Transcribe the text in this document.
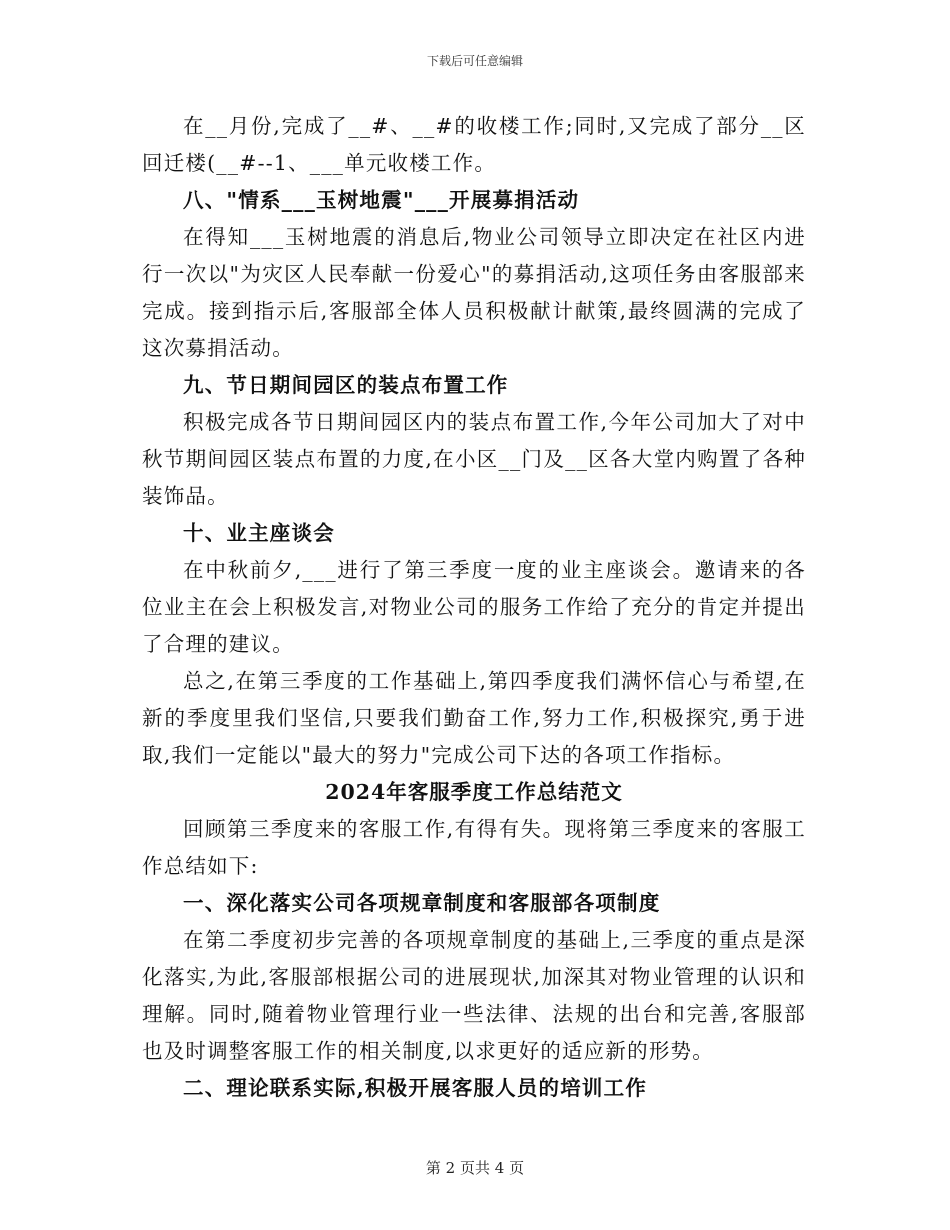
下载后可任意编辑

在__月份,完成了__#、__#的收楼工作;同时,又完成了部分__区回迁楼(__#--1、___单元收楼工作。

八、"情系___玉树地震"___开展募捐活动

在得知___玉树地震的消息后,物业公司领导立即决定在社区内进行一次以"为灾区人民奉献一份爱心"的募捐活动,这项任务由客服部来完成。接到指示后,客服部全体人员积极献计献策,最终圆满的完成了这次募捐活动。

九、节日期间园区的装点布置工作

积极完成各节日期间园区内的装点布置工作,今年公司加大了对中秋节期间园区装点布置的力度,在小区__门及__区各大堂内购置了各种装饰品。

十、业主座谈会

在中秋前夕,___进行了第三季度一度的业主座谈会。邀请来的各位业主在会上积极发言,对物业公司的服务工作给了充分的肯定并提出了合理的建议。

总之,在第三季度的工作基础上,第四季度我们满怀信心与希望,在新的季度里我们坚信,只要我们勤奋工作,努力工作,积极探究,勇于进取,我们一定能以"最大的努力"完成公司下达的各项工作指标。

2024年客服季度工作总结范文

回顾第三季度来的客服工作,有得有失。现将第三季度来的客服工作总结如下:

一、深化落实公司各项规章制度和客服部各项制度

在第二季度初步完善的各项规章制度的基础上,三季度的重点是深化落实,为此,客服部根据公司的进展现状,加深其对物业管理的认识和理解。同时,随着物业管理行业一些法律、法规的出台和完善,客服部也及时调整客服工作的相关制度,以求更好的适应新的形势。

二、理论联系实际,积极开展客服人员的培训工作

第 2 页共 4 页
